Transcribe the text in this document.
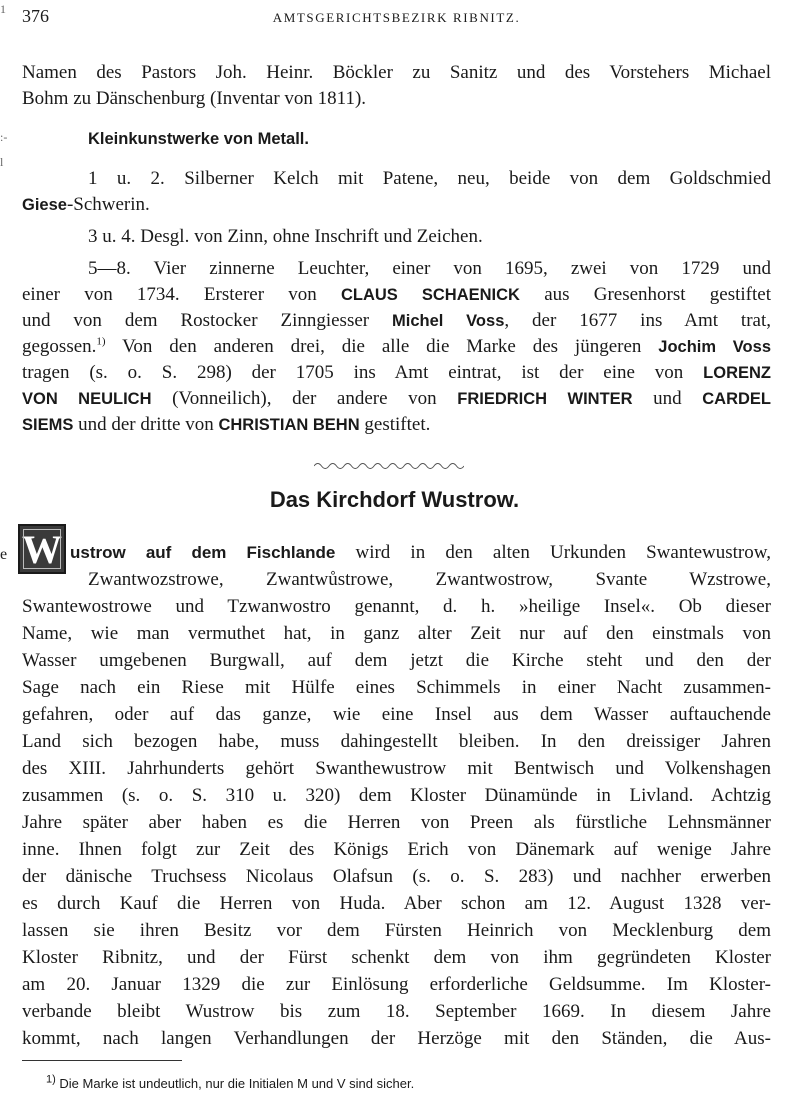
376	AMTSGERICHTSBEZIRK RIBNITZ.
1
:-
l
e
Namen des Pastors Joh. Heinr. Böckler zu Sanitz und des Vorstehers Michael
Bohm zu Dänschenburg (Inventar von 1811).
Kleinkunstwerke von Metall.
1 u. 2. Silberner Kelch mit Patene, neu, beide von dem Goldschmied
Giese-Schwerin.
3 u. 4. Desgl. von Zinn, ohne Inschrift und Zeichen.
5—8. Vier zinnerne Leuchter, einer von 1695, zwei von 1729 und
einer von 1734. Ersterer von CLAUS SCHAENICK aus Gresenhorst gestiftet
und von dem Rostocker Zinngiesser Michel Voss, der 1677 ins Amt trat,
gegossen.$^{1)}$ Von den anderen drei, die alle die Marke des jüngeren Jochim Voss
tragen (s. o. S. 298) der 1705 ins Amt eintrat, ist der eine von LORENZ
VON NEULICH (Vonneilich), der andere von FRIEDRICH WINTER und CARDEL
SIEMS und der dritte von CHRISTIAN BEHN gestiftet.
Das Kirchdorf Wustrow.
W ustrow auf dem Fischlande wird in den alten Urkunden Swantewustrow,
Zwantwozstrowe, Zwantwůstrowe, Zwantwostrow, Svante Wzstrowe,
Swantewostrowe und Tzwanwostro genannt, d. h. »heilige Insel«. Ob dieser
Name, wie man vermuthet hat, in ganz alter Zeit nur auf den einstmals von
Wasser umgebenen Burgwall, auf dem jetzt die Kirche steht und den der
Sage nach ein Riese mit Hülfe eines Schimmels in einer Nacht zusammen-
gefahren, oder auf das ganze, wie eine Insel aus dem Wasser auftauchende
Land sich bezogen habe, muss dahingestellt bleiben. In den dreissiger Jahren
des XIII. Jahrhunderts gehört Swanthewustrow mit Bentwisch und Volkenshagen
zusammen (s. o. S. 310 u. 320) dem Kloster Dünamünde in Livland. Achtzig
Jahre später aber haben es die Herren von Preen als fürstliche Lehnsmänner
inne. Ihnen folgt zur Zeit des Königs Erich von Dänemark auf wenige Jahre
der dänische Truchsess Nicolaus Olafsun (s. o. S. 283) und nachher erwerben
es durch Kauf die Herren von Huda. Aber schon am 12. August 1328 ver-
lassen sie ihren Besitz vor dem Fürsten Heinrich von Mecklenburg dem
Kloster Ribnitz, und der Fürst schenkt dem von ihm gegründeten Kloster
am 20. Januar 1329 die zur Einlösung erforderliche Geldsumme. Im Kloster-
verbande bleibt Wustrow bis zum 18. September 1669. In diesem Jahre
kommt, nach langen Verhandlungen der Herzöge mit den Ständen, die Aus-
$^{1)}$ Die Marke ist undeutlich, nur die Initialen M und V sind sicher.
